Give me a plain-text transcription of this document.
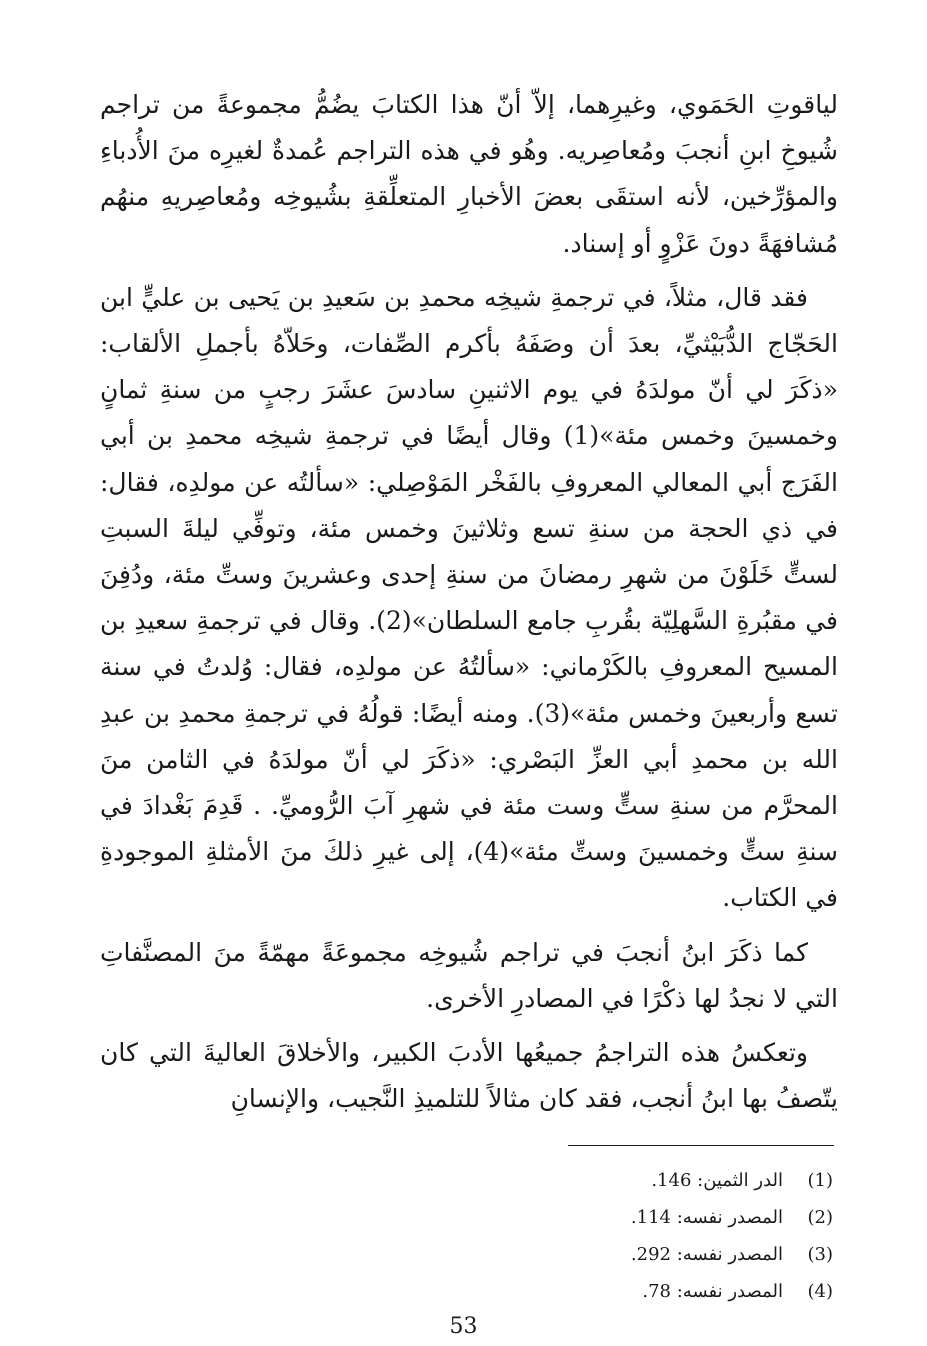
لياقوتِ الحَمَوي، وغيرِهما، إلاّ أنّ هذا الكتابَ يضُمُّ مجموعةً من تراجم شُيوخِ ابنِ أنجبَ ومُعاصِريه. وهُو في هذه التراجم عُمدةٌ لغيرِه منَ الأُدباءِ والمؤرِّخين، لأنه استقَى بعضَ الأخبارِ المتعلِّقةِ بشُيوخِه ومُعاصِريهِ منهُم مُشافهَةً دونَ عَزْوٍ أو إسناد.

فقد قال، مثلاً، في ترجمةِ شيخِه محمدِ بن سَعيدِ بن يَحيى بن عليٍّ ابن الحَجّاج الدُّبَيْثيِّ، بعدَ أن وصَفَهُ بأكرم الصِّفات، وحَلاّهُ بأجملِ الألقاب: «ذكَرَ لي أنّ مولدَهُ في يوم الاثنينِ سادسَ عشَرَ رجبٍ من سنةِ ثمانٍ وخمسينَ وخمس مئة»(1) وقال أيضًا في ترجمةِ شيخِه محمدِ بن أبي الفَرَج أبي المعالي المعروفِ بالفَخْر المَوْصِلي: «سألتُه عن مولدِه، فقال: في ذي الحجة من سنةِ تسع وثلاثينَ وخمس مئة، وتوفِّي ليلةَ السبتِ لستٍّ خَلَوْنَ من شهرِ رمضانَ من سنةِ إحدى وعشرينَ وستِّ مئة، ودُفِنَ في مقبُرةِ السَّهلِيّة بقُربِ جامع السلطان»(2). وقال في ترجمةِ سعيدِ بن المسيح المعروفِ بالكَرْماني: «سألتُهُ عن مولدِه، فقال: وُلدتُ في سنة تسع وأربعينَ وخمس مئة»(3). ومنه أيضًا: قولُهُ في ترجمةِ محمدِ بن عبدِ الله بن محمدِ أبي العزِّ البَصْري: «ذكَرَ لي أنّ مولدَهُ في الثامن منَ المحرَّم من سنةِ ستٍّ وست مئة في شهرِ آبَ الرُّوميِّ. . قَدِمَ بَغْدادَ في سنةِ ستٍّ وخمسينَ وستِّ مئة»(4)، إلى غيرِ ذلكَ منَ الأمثلةِ الموجودةِ في الكتاب.

كما ذكَرَ ابنُ أنجبَ في تراجم شُيوخِه مجموعَةً مهمّةً منَ المصنَّفاتِ التي لا نجدُ لها ذكْرًا في المصادرِ الأخرى.

وتعكسُ هذه التراجمُ جميعُها الأدبَ الكبير، والأخلاقَ العاليةَ التي كان يتّصفُ بها ابنُ أنجب، فقد كان مثالاً للتلميذِ النَّجيب، والإنسانِ

(1)
الدر الثمين: 146.
(2)
المصدر نفسه: 114.
(3)
المصدر نفسه: 292.
(4)
المصدر نفسه: 78.
53
